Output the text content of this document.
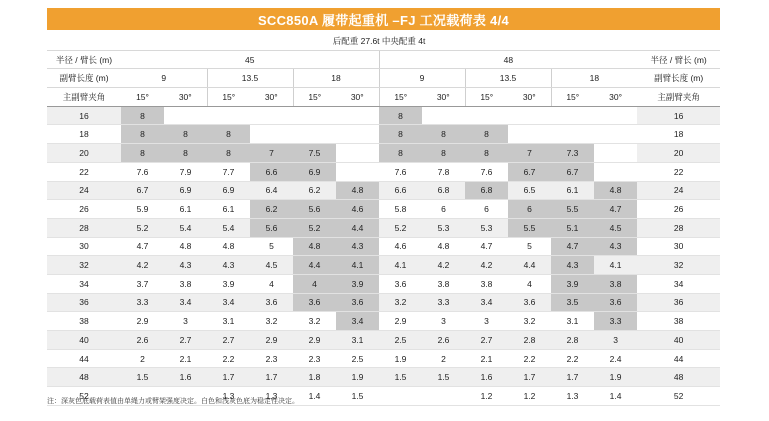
SCC850A 履带起重机 –FJ 工况载荷表 4/4
	后配重 27.6t 中央配重 4t												
半径 / 臂长 (m)	45						48						半径 / 臂长 (m)
副臂长度 (m)	9		13.5		18		9		13.5		18		副臂长度 (m)
主副臂夹角	15°	30°	15°	30°	15°	30°	15°	30°	15°	30°	15°	30°	主副臂夹角
16	8						8						16
18	8	8	8				8	8	8				18
20	8	8	8	7	7.5		8	8	8	7	7.3		20
22	7.6	7.9	7.7	6.6	6.9		7.6	7.8	7.6	6.7	6.7		22
24	6.7	6.9	6.9	6.4	6.2	4.8	6.6	6.8	6.8	6.5	6.1	4.8	24
26	5.9	6.1	6.1	6.2	5.6	4.6	5.8	6	6	6	5.5	4.7	26
28	5.2	5.4	5.4	5.6	5.2	4.4	5.2	5.3	5.3	5.5	5.1	4.5	28
30	4.7	4.8	4.8	5	4.8	4.3	4.6	4.8	4.7	5	4.7	4.3	30
32	4.2	4.3	4.3	4.5	4.4	4.1	4.1	4.2	4.2	4.4	4.3	4.1	32
34	3.7	3.8	3.9	4	4	3.9	3.6	3.8	3.8	4	3.9	3.8	34
36	3.3	3.4	3.4	3.6	3.6	3.6	3.2	3.3	3.4	3.6	3.5	3.6	36
38	2.9	3	3.1	3.2	3.2	3.4	2.9	3	3	3.2	3.1	3.3	38
40	2.6	2.7	2.7	2.9	2.9	3.1	2.5	2.6	2.7	2.8	2.8	3	40
44	2	2.1	2.2	2.3	2.3	2.5	1.9	2	2.1	2.2	2.2	2.4	44
48	1.5	1.6	1.7	1.7	1.8	1.9	1.5	1.5	1.6	1.7	1.7	1.9	48
52			1.3	1.3	1.4	1.5			1.2	1.2	1.3	1.4	52
注：深灰色底载荷表值由单绳力或臂架强度决定。白色和浅灰色底为稳定性决定。
